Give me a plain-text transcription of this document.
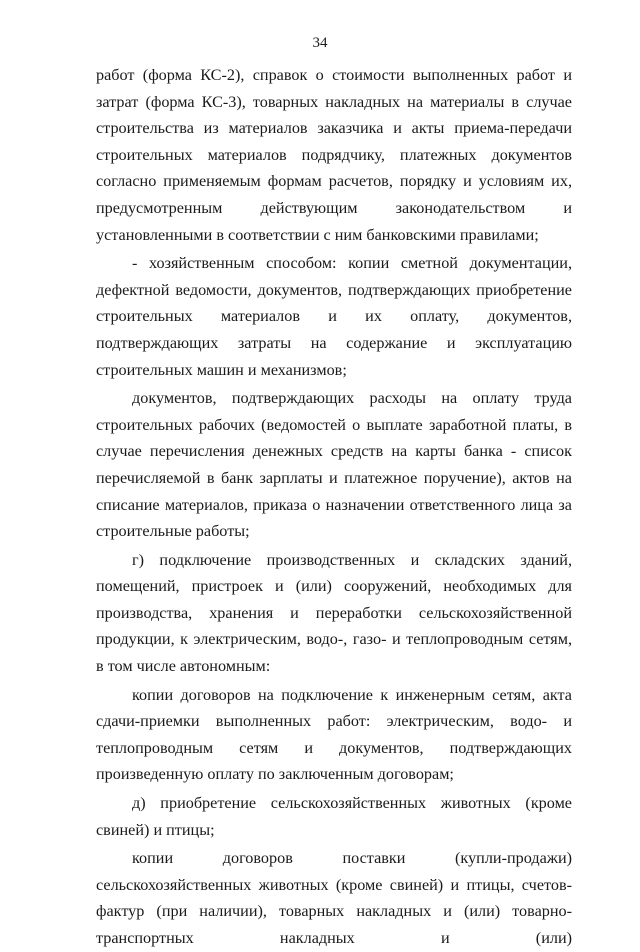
34

работ (форма КС-2), справок о стоимости выполненных работ и затрат (форма КС-3), товарных накладных на материалы в случае строительства из материалов заказчика и акты приема-передачи строительных материалов подрядчику, платежных документов согласно применяемым формам расчетов, порядку и условиям их, предусмотренным действующим законодательством и установленными в соответствии с ним банковскими правилами;

- хозяйственным способом: копии сметной документации, дефектной ведомости, документов, подтверждающих приобретение строительных материалов и их оплату, документов, подтверждающих затраты на содержание и эксплуатацию строительных машин и механизмов;

документов, подтверждающих расходы на оплату труда строительных рабочих (ведомостей о выплате заработной платы, в случае перечисления денежных средств на карты банка - список перечисляемой в банк зарплаты и платежное поручение), актов на списание материалов, приказа о назначении ответственного лица за строительные работы;

г) подключение производственных и складских зданий, помещений, пристроек и (или) сооружений, необходимых для производства, хранения и переработки сельскохозяйственной продукции, к электрическим, водо-, газо- и теплопроводным сетям, в том числе автономным:

копии договоров на подключение к инженерным сетям, акта сдачи-приемки выполненных работ: электрическим, водо- и теплопроводным сетям и документов, подтверждающих произведенную оплату по заключенным договорам;

д) приобретение сельскохозяйственных животных (кроме свиней) и птицы;

копии договоров поставки (купли-продажи) сельскохозяйственных животных (кроме свиней) и птицы, счетов-фактур (при наличии), товарных накладных и (или) товарно-транспортных накладных и (или)
